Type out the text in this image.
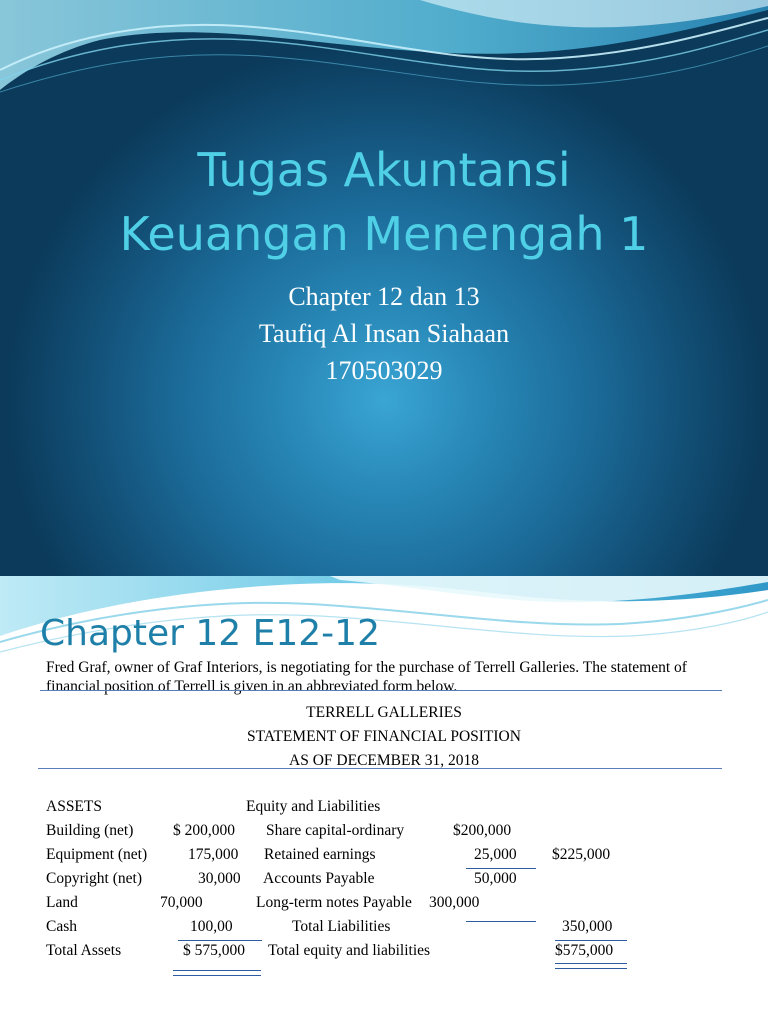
Tugas Akuntansi
Keuangan Menengah 1
Chapter 12 dan 13
Taufiq Al Insan Siahaan
170503029
Chapter 12 E12-12
Fred Graf, owner of Graf Interiors, is negotiating for the purchase of Terrell Galleries. The statement of financial position of Terrell is given in an abbreviated form below.
TERRELL GALLERIES
STATEMENT OF FINANCIAL POSITION
AS OF DECEMBER 31, 2018
ASSETS	Equity and Liabilities
Building (net)
Equipment (net)
Copyright (net)
Land
Cash
Total Assets
$ 200,000
175,000
30,000
70,000
100,00
$ 575,000
Share capital-ordinary
Retained earnings
Accounts Payable
Long-term notes Payable
Total Liabilities
Total equity and liabilities
$200,000
25,000
50,000
300,000
$225,000
350,000
$575,000
